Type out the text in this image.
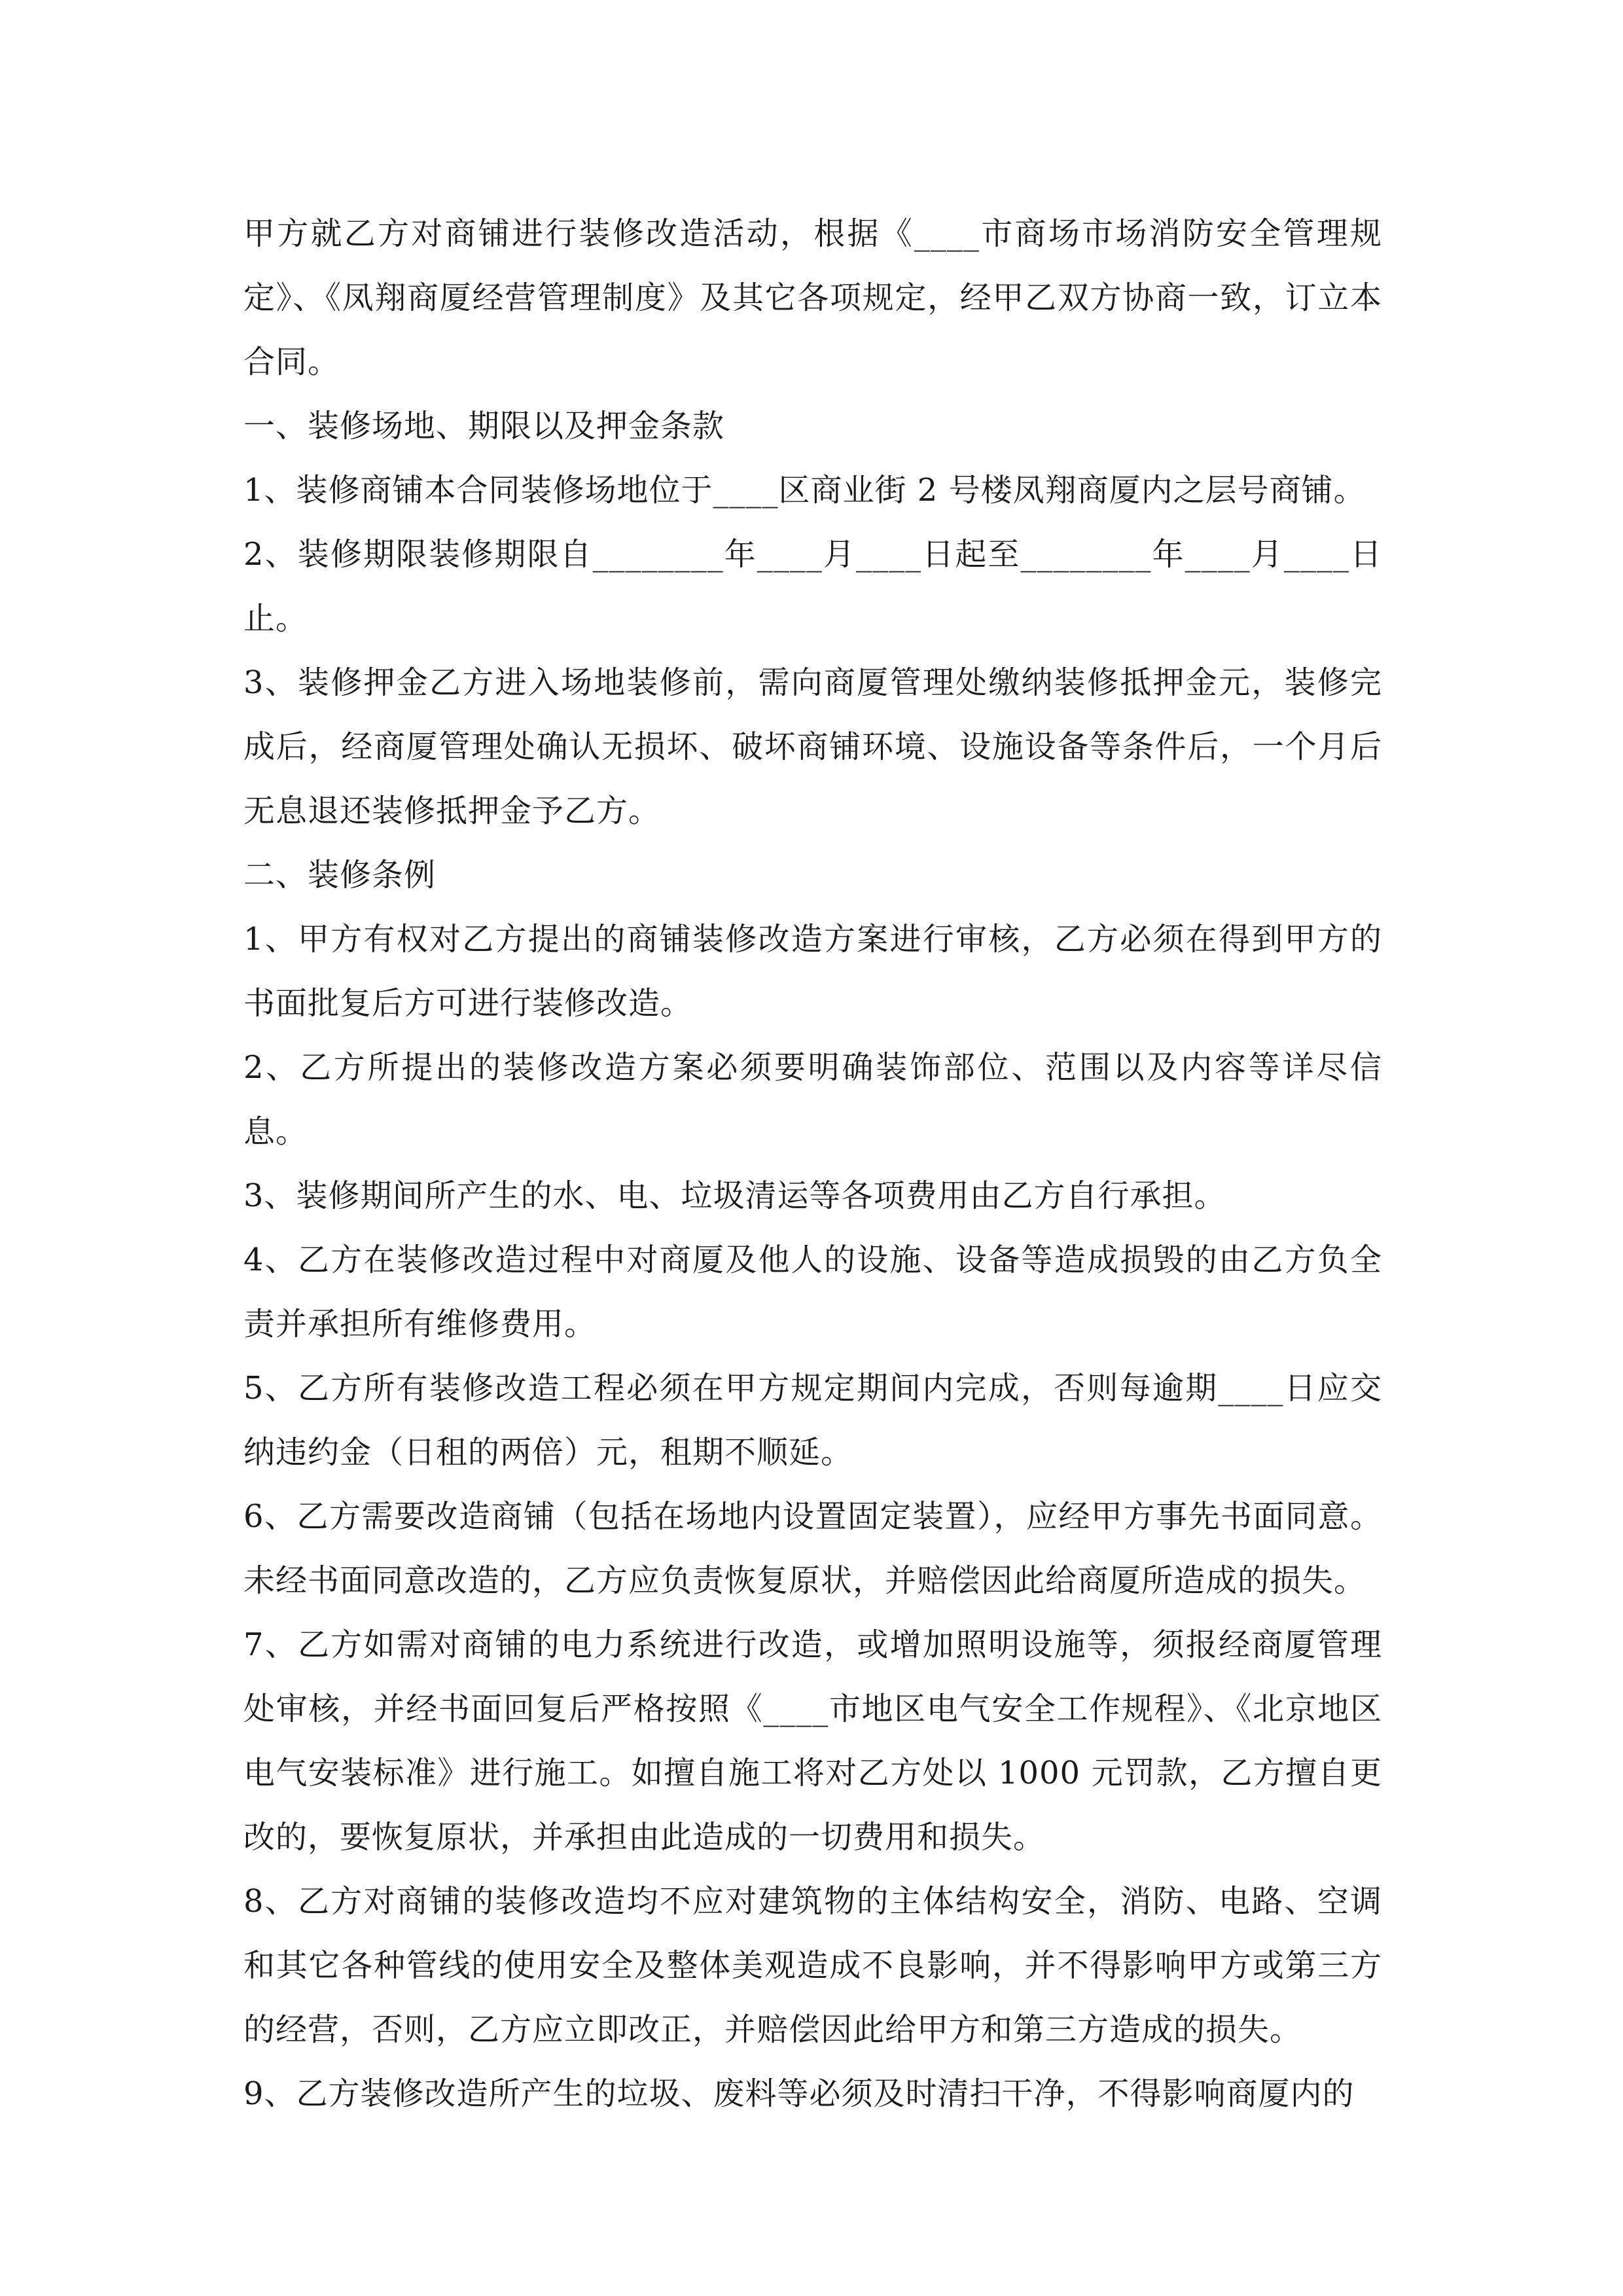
甲方就乙方对商铺进行装修改造活动，根据《____市商场市场消防安全管理规定》、《凤翔商厦经营管理制度》及其它各项规定，经甲乙双方协商一致，订立本合同。

一、装修场地、期限以及押金条款

1、装修商铺本合同装修场地位于____区商业街 2 号楼凤翔商厦内之层号商铺。

2、装修期限装修期限自________年____月____日起至________年____月____日止。

3、装修押金乙方进入场地装修前，需向商厦管理处缴纳装修抵押金元，装修完成后，经商厦管理处确认无损坏、破坏商铺环境、设施设备等条件后，一个月后无息退还装修抵押金予乙方。

二、装修条例

1、甲方有权对乙方提出的商铺装修改造方案进行审核，乙方必须在得到甲方的书面批复后方可进行装修改造。

2、乙方所提出的装修改造方案必须要明确装饰部位、范围以及内容等详尽信息。

3、装修期间所产生的水、电、垃圾清运等各项费用由乙方自行承担。

4、乙方在装修改造过程中对商厦及他人的设施、设备等造成损毁的由乙方负全责并承担所有维修费用。

5、乙方所有装修改造工程必须在甲方规定期间内完成，否则每逾期____日应交纳违约金（日租的两倍）元，租期不顺延。

6、乙方需要改造商铺（包括在场地内设置固定装置），应经甲方事先书面同意。未经书面同意改造的，乙方应负责恢复原状，并赔偿因此给商厦所造成的损失。

7、乙方如需对商铺的电力系统进行改造，或增加照明设施等，须报经商厦管理处审核，并经书面回复后严格按照《____市地区电气安全工作规程》、《北京地区电气安装标准》进行施工。如擅自施工将对乙方处以 1000 元罚款，乙方擅自更改的，要恢复原状，并承担由此造成的一切费用和损失。

8、乙方对商铺的装修改造均不应对建筑物的主体结构安全，消防、电路、空调和其它各种管线的使用安全及整体美观造成不良影响，并不得影响甲方或第三方的经营，否则，乙方应立即改正，并赔偿因此给甲方和第三方造成的损失。

9、乙方装修改造所产生的垃圾、废料等必须及时清扫干净，不得影响商厦内的
